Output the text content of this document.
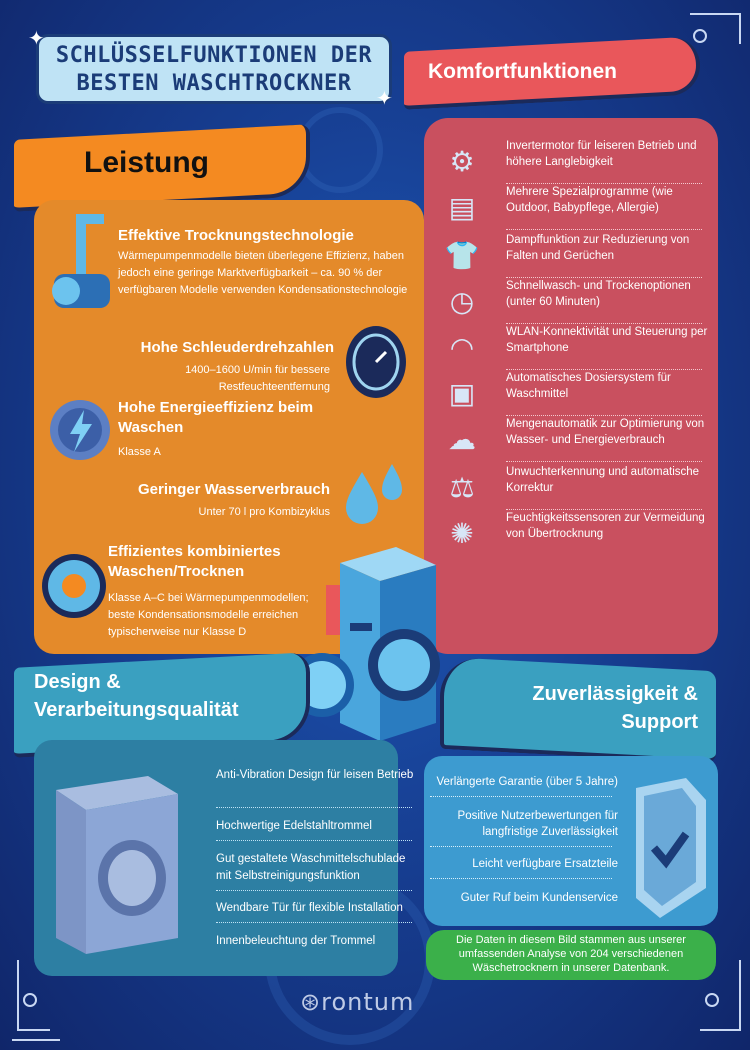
SCHLÜSSELFUNKTIONEN DER
BESTEN WASCHTROCKNER
✦
✦
Komfortfunktionen
⚙	Invertermotor für leiseren Betrieb und höhere Langlebigkeit
▤	Mehrere Spezialprogramme (wie Outdoor, Babypflege, Allergie)
👕 Dampffunktion zur Reduzierung von Falten und Gerüchen
◷	Schnellwasch- und Trockenoptionen (unter 60 Minuten)
◠	WLAN-Konnektivität und Steuerung per Smartphone
▣	Automatisches Dosiersystem für Waschmittel
☁	Mengenautomatik zur Optimierung von Wasser- und Energieverbrauch
⚖	Unwuchterkennung und automatische Korrektur
✺	Feuchtigkeitssensoren zur Vermeidung von Übertrocknung
Leistung
Effektive Trocknungstechnologie
Wärmepumpenmodelle bieten überlegene Effizienz, haben jedoch eine geringe Marktverfügbarkeit – ca. 90 % der verfügbaren Modelle verwenden Kondensationstechnologie
Hohe Schleuderdrehzahlen
1400–1600 U/min für bessere Restfeuchteentfernung
Hohe Energieeffizienz beim Waschen
Klasse A
Geringer Wasserverbrauch
Unter 70 l pro Kombizyklus
Effizientes kombiniertes Waschen/Trocknen
Klasse A–C bei Wärmepumpenmodellen; beste Kondensationsmodelle erreichen typischerweise nur Klasse D
Design &
Verarbeitungsqualität
Anti-Vibration Design für leisen Betrieb
Hochwertige Edelstahltrommel
Gut gestaltete Waschmittelschublade mit Selbstreinigungsfunktion
Wendbare Tür für flexible Installation
Innenbeleuchtung der Trommel
Zuverlässigkeit &
Support
Verlängerte Garantie (über 5 Jahre)
Positive Nutzerbewertungen für langfristige Zuverlässigkeit
Leicht verfügbare Ersatzteile
Guter Ruf beim Kundenservice
Die Daten in diesem Bild stammen aus unserer umfassenden Analyse von 204 verschiedenen Wäschetrocknern in unserer Datenbank.
⊛rontum
